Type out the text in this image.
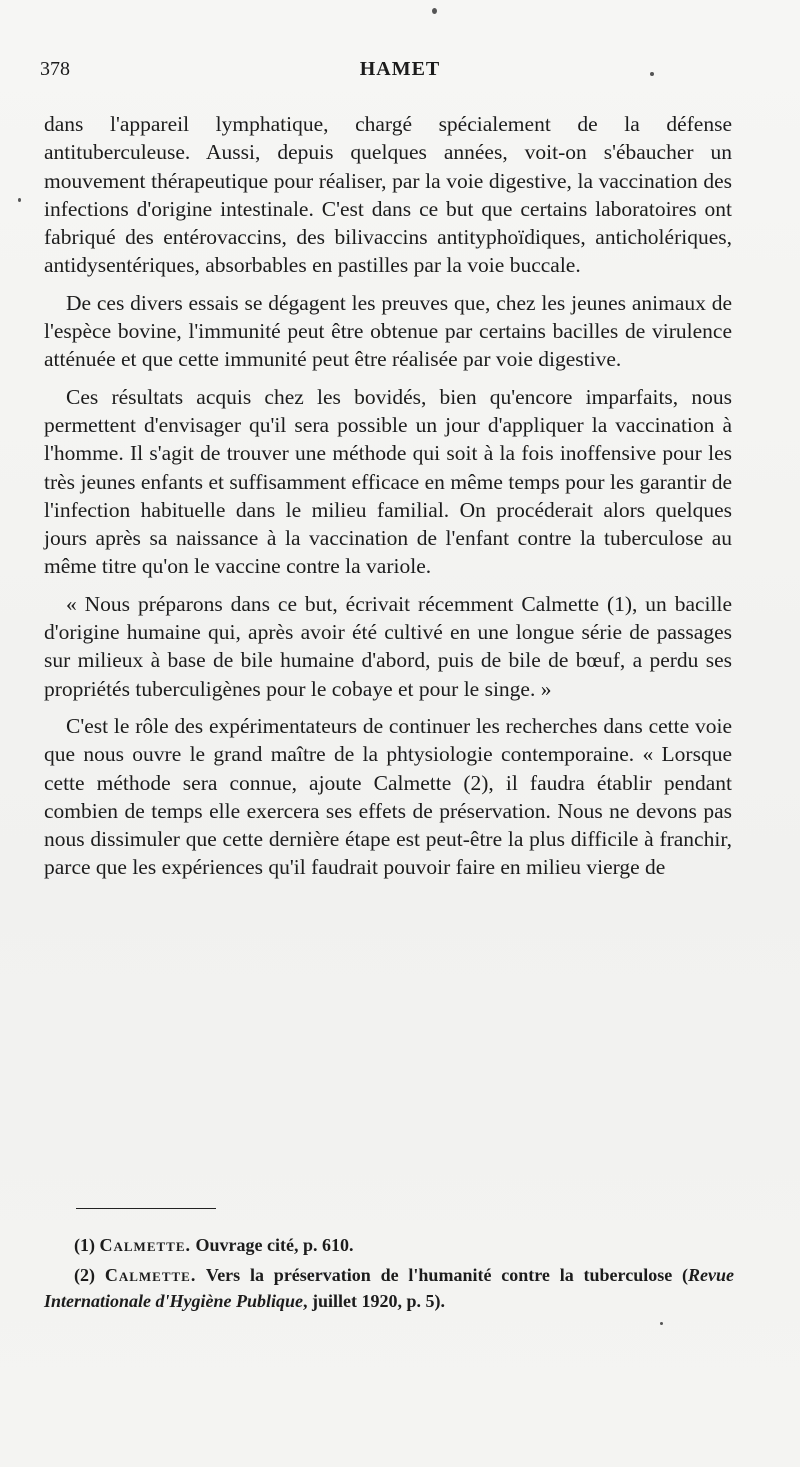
378	HAMET

dans l'appareil lymphatique, chargé spécialement de la défense antituberculeuse. Aussi, depuis quelques années, voit-on s'ébaucher un mouvement thérapeutique pour réaliser, par la voie digestive, la vaccination des infections d'origine intestinale. C'est dans ce but que certains laboratoires ont fabriqué des entérovaccins, des bilivaccins antityphoïdiques, anticholériques, antidysentériques, absorbables en pastilles par la voie buccale.

De ces divers essais se dégagent les preuves que, chez les jeunes animaux de l'espèce bovine, l'immunité peut être obtenue par certains bacilles de virulence atténuée et que cette immunité peut être réalisée par voie digestive.

Ces résultats acquis chez les bovidés, bien qu'encore imparfaits, nous permettent d'envisager qu'il sera possible un jour d'appliquer la vaccination à l'homme. Il s'agit de trouver une méthode qui soit à la fois inoffensive pour les très jeunes enfants et suffisamment efficace en même temps pour les garantir de l'infection habituelle dans le milieu familial. On procéderait alors quelques jours après sa naissance à la vaccination de l'enfant contre la tuberculose au même titre qu'on le vaccine contre la variole.

« Nous préparons dans ce but, écrivait récemment Calmette (1), un bacille d'origine humaine qui, après avoir été cultivé en une longue série de passages sur milieux à base de bile humaine d'abord, puis de bile de bœuf, a perdu ses propriétés tuberculigènes pour le cobaye et pour le singe. »

C'est le rôle des expérimentateurs de continuer les recherches dans cette voie que nous ouvre le grand maître de la phtysiologie contemporaine. « Lorsque cette méthode sera connue, ajoute Calmette (2), il faudra établir pendant combien de temps elle exercera ses effets de préservation. Nous ne devons pas nous dissimuler que cette dernière étape est peut-être la plus difficile à franchir, parce que les expériences qu'il faudrait pouvoir faire en milieu vierge de

(1) Calmette. Ouvrage cité, p. 610.

(2) Calmette. Vers la préservation de l'humanité contre la tuberculose (Revue Internationale d'Hygiène Publique, juillet 1920, p. 5).
